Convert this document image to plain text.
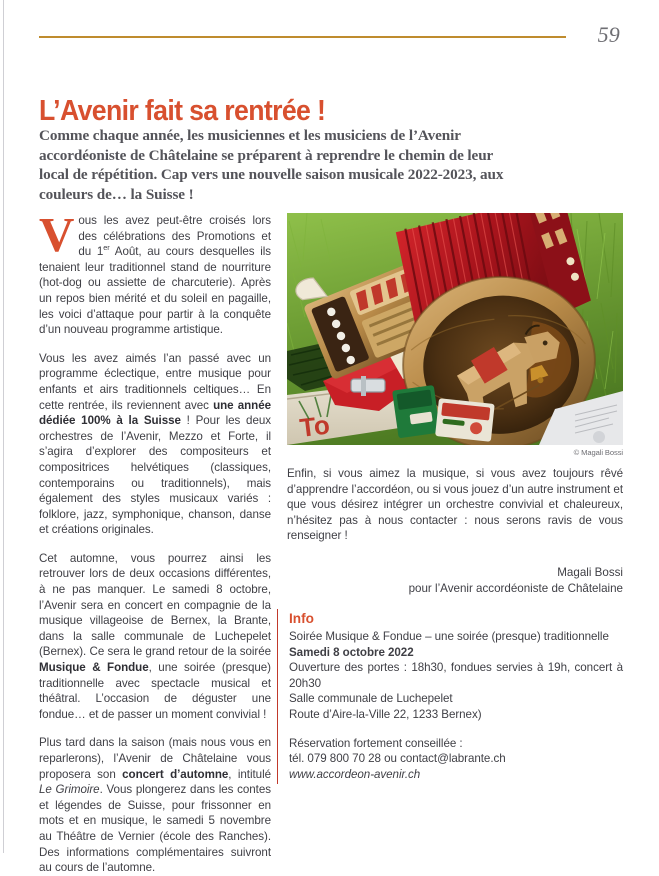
59
L’Avenir fait sa rentrée !
Comme chaque année, les musiciennes et les musiciens de l’Avenir accordéoniste de Châtelaine se préparent à reprendre le chemin de leur local de répétition. Cap vers une nouvelle saison musicale 2022-2023, aux couleurs de… la Suisse !
To
© Magali Bossi

Vous les avez peut-être croisés lors des célébrations des Promotions et du 1er Août, au cours desquelles ils tenaient leur traditionnel stand de nourriture (hot-dog ou assiette de charcuterie). Après un repos bien mérité et du soleil en pagaille, les voici d’attaque pour partir à la conquête d’un nouveau programme artistique.

Vous les avez aimés l’an passé avec un programme éclectique, entre musique pour enfants et airs traditionnels celtiques… En cette rentrée, ils reviennent avec une année dédiée 100% à la Suisse ! Pour les deux orchestres de l’Avenir, Mezzo et Forte, il s’agira d’explorer des compositeurs et compositrices helvétiques (classiques, contemporains ou traditionnels), mais également des styles musicaux variés : folklore, jazz, symphonique, chanson, danse et créations originales.

Cet automne, vous pourrez ainsi les retrouver lors de deux occasions différentes, à ne pas manquer. Le samedi 8 octobre, l’Avenir sera en concert en compagnie de la musique villageoise de Bernex, la Brante, dans la salle communale de Luchepelet (Bernex). Ce sera le grand retour de la soirée Musique & Fondue, une soirée (presque) traditionnelle avec spectacle musical et théâtral. L’occasion de déguster une fondue… et de passer un moment convivial !

Plus tard dans la saison (mais nous vous en reparlerons), l’Avenir de Châtelaine vous proposera son concert d’automne, intitulé Le Grimoire. Vous plongerez dans les contes et légendes de Suisse, pour frissonner en mots et en musique, le samedi 5 novembre au Théâtre de Vernier (école des Ranches). Des informations complémentaires suivront au cours de l’automne.

Enfin, si vous aimez la musique, si vous avez toujours rêvé d’apprendre l’accordéon, ou si vous jouez d’un autre instrument et que vous désirez intégrer un orchestre convivial et chaleureux, n’hésitez pas à nous contacter : nous serons ravis de vous renseigner !

Magali Bossi
pour l’Avenir accordéoniste de Châtelaine
Info

Soirée Musique & Fondue – une soirée (presque) traditionnelle

Samedi 8 octobre 2022

Ouverture des portes : 18h30, fondues servies à 19h, concert à 20h30

Salle communale de Luchepelet

Route d’Aire-la-Ville 22, 1233 Bernex)

Réservation fortement conseillée :

tél. 079 800 70 28 ou contact@labrante.ch

www.accordeon-avenir.ch
